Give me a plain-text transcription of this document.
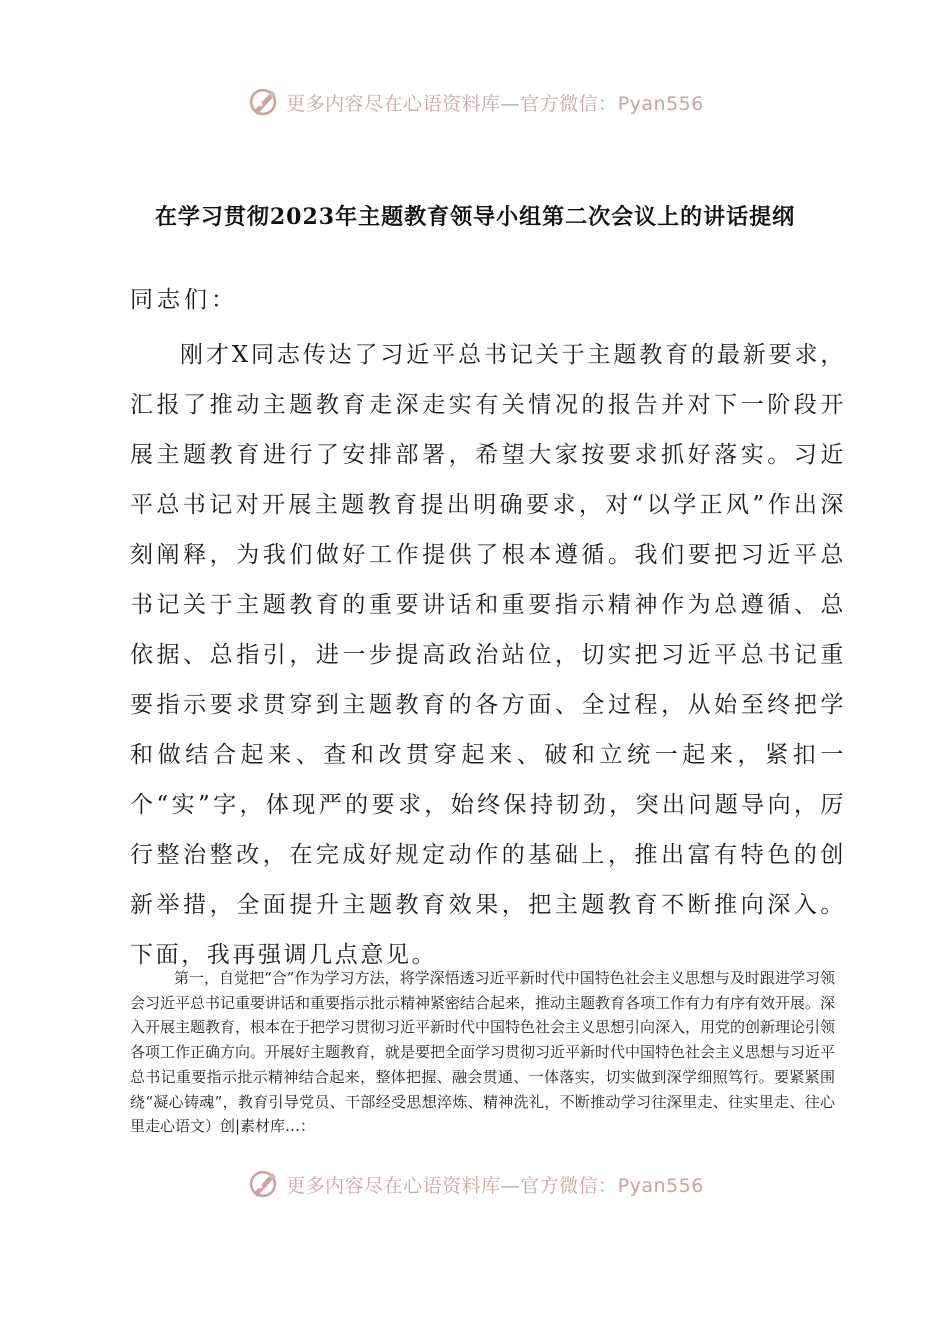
更多内容尽在心语资料库—官方微信：Pyan556
在学习贯彻2023年主题教育领导小组第二次会议上的讲话提纲
同志们：

刚才X同志传达了习近平总书记关于主题教育的最新要求，汇报了推动主题教育走深走实有关情况的报告并对下一阶段开展主题教育进行了安排部署，希望大家按要求抓好落实。习近平总书记对开展主题教育提出明确要求，对“以学正风”作出深刻阐释，为我们做好工作提供了根本遵循。我们要把习近平总书记关于主题教育的重要讲话和重要指示精神作为总遵循、总依据、总指引，进一步提高政治站位，切实把习近平总书记重要指示要求贯穿到主题教育的各方面、全过程，从始至终把学和做结合起来、查和改贯穿起来、破和立统一起来，紧扣一个“实”字，体现严的要求，始终保持韧劲，突出问题导向，厉行整治整改，在完成好规定动作的基础上，推出富有特色的创新举措，全面提升主题教育效果，把主题教育不断推向深入。下面，我再强调几点意见。

第一，自觉把“合”作为学习方法，将学深悟透习近平新时代中国特色社会主义思想与及时跟进学习领会习近平总书记重要讲话和重要指示批示精神紧密结合起来，推动主题教育各项工作有力有序有效开展。深入开展主题教育，根本在于把学习贯彻习近平新时代中国特色社会主义思想引向深入，用党的创新理论引领各项工作正确方向。开展好主题教育，就是要把全面学习贯彻习近平新时代中国特色社会主义思想与习近平总书记重要指示批示精神结合起来，整体把握、融会贯通、一体落实，切实做到深学细照笃行。要紧紧围绕“凝心铸魂”，教育引导党员、干部经受思想淬炼、精神洗礼，不断推动学习往深里走、往实里走、往心里走心语文）创|素材库…：

更多内容尽在心语资料库—官方微信：Pyan556
